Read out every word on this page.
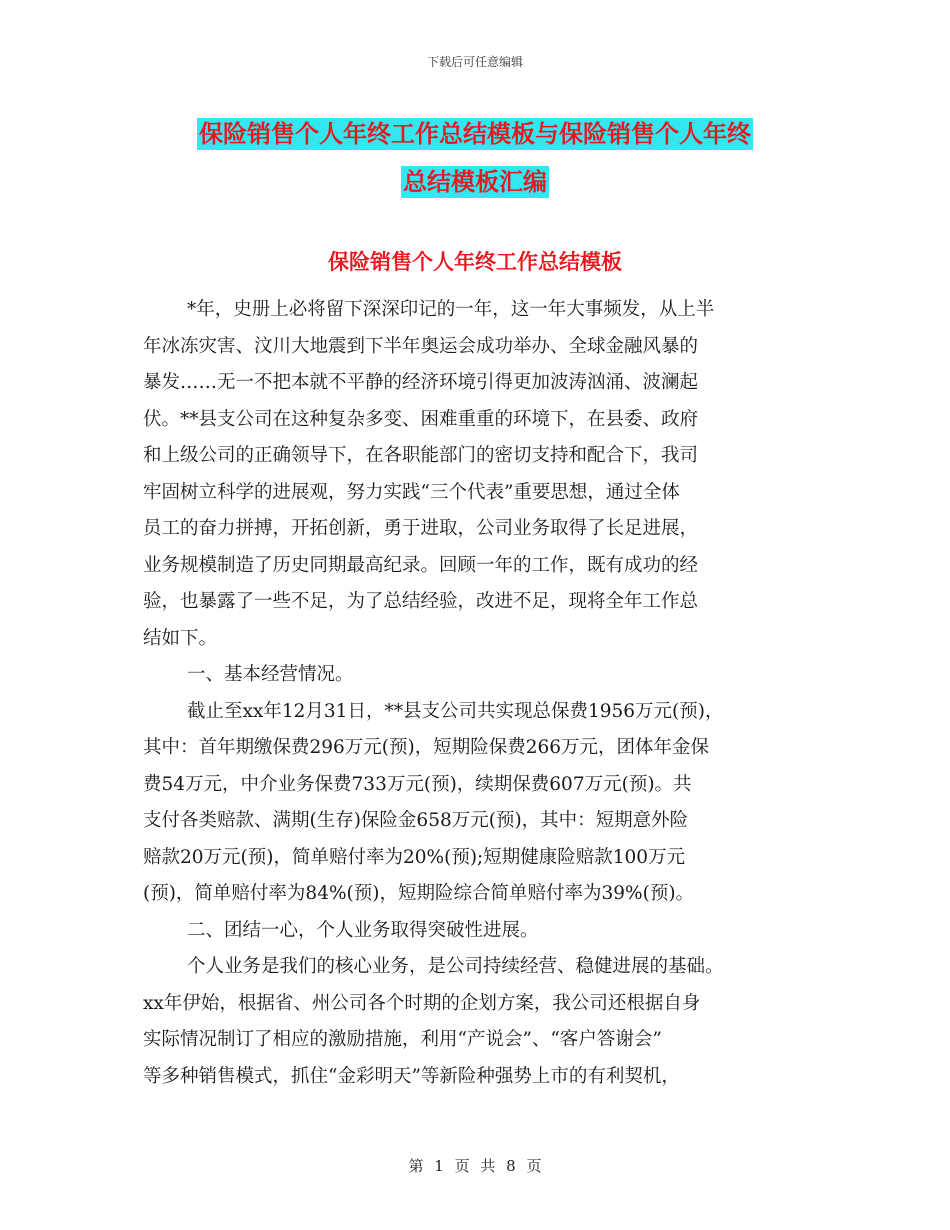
下载后可任意编辑
保险销售个人年终工作总结模板与保险销售个人年终
总结模板汇编
保险销售个人年终工作总结模板
*年，史册上必将留下深深印记的一年，这一年大事频发，从上半
年冰冻灾害、汶川大地震到下半年奥运会成功举办、全球金融风暴的
暴发……无一不把本就不平静的经济环境引得更加波涛汹涌、波澜起
伏。**县支公司在这种复杂多变、困难重重的环境下，在县委、政府
和上级公司的正确领导下，在各职能部门的密切支持和配合下，我司
牢固树立科学的进展观，努力实践“三个代表”重要思想，通过全体
员工的奋力拼搏，开拓创新，勇于进取，公司业务取得了长足进展，
业务规模制造了历史同期最高纪录。回顾一年的工作，既有成功的经
验，也暴露了一些不足，为了总结经验，改进不足，现将全年工作总
结如下。
一、基本经营情况。
截止至xx年12月31日，**县支公司共实现总保费1956万元(预)，
其中：首年期缴保费296万元(预)，短期险保费266万元，团体年金保
费54万元，中介业务保费733万元(预)，续期保费607万元(预)。共
支付各类赔款、满期(生存)保险金658万元(预)，其中：短期意外险
赔款20万元(预)，简单赔付率为20%(预);短期健康险赔款100万元
(预)，简单赔付率为84%(预)，短期险综合简单赔付率为39%(预)。
二、团结一心，个人业务取得突破性进展。
个人业务是我们的核心业务，是公司持续经营、稳健进展的基础。
xx年伊始，根据省、州公司各个时期的企划方案，我公司还根据自身
实际情况制订了相应的激励措施，利用“产说会”、“客户答谢会”
等多种销售模式，抓住“金彩明天”等新险种强势上市的有利契机，
第 1 页 共 8 页
